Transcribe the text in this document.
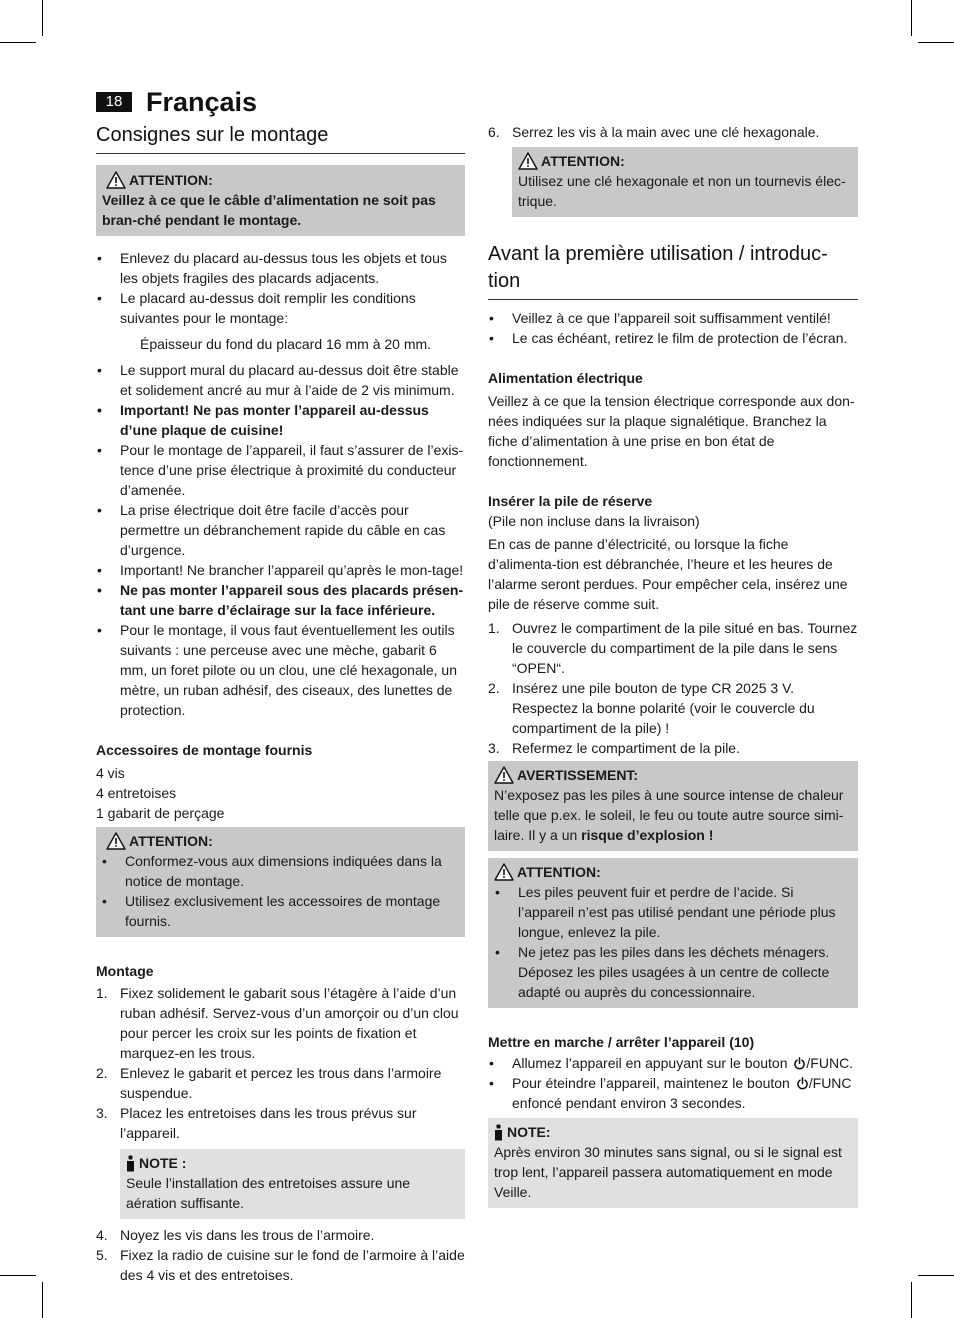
18 Français
Consignes sur le montage
ATTENTION:
Veillez à ce que le câble d’alimentation ne soit pas bran-ché pendant le montage.
• Enlevez du placard au-dessus tous les objets et tous les objets fragiles des placards adjacents.
• Le placard au-dessus doit remplir les conditions suivantes pour le montage:
Épaisseur du fond du placard 16 mm à 20 mm.
• Le support mural du placard au-dessus doit être stable et solidement ancré au mur à l’aide de 2 vis minimum.
• Important! Ne pas monter l’appareil au-dessus d’une plaque de cuisine!
• Pour le montage de l’appareil, il faut s’assurer de l’exis-tence d’une prise électrique à proximité du conducteur d’amenée.
• La prise électrique doit être facile d’accès pour permettre un débranchement rapide du câble en cas d’urgence.
• Important! Ne brancher l’appareil qu’après le mon-tage!
• Ne pas monter l’appareil sous des placards présen-tant une barre d’éclairage sur la face inférieure.
• Pour le montage, il vous faut éventuellement les outils suivants : une perceuse avec une mèche, gabarit 6 mm, un foret pilote ou un clou, une clé hexagonale, un mètre, un ruban adhésif, des ciseaux, des lunettes de protection.
Accessoires de montage fournis
4 vis
4 entretoises
1 gabarit de perçage
ATTENTION:
• Conformez-vous aux dimensions indiquées dans la notice de montage.
• Utilisez exclusivement les accessoires de montage fournis.
Montage
1. Fixez solidement le gabarit sous l’étagère à l’aide d’un ruban adhésif. Servez-vous d’un amorçoir ou d’un clou pour percer les croix sur les points de fixation et marquez-en les trous.
2. Enlevez le gabarit et percez les trous dans l’armoire suspendue.
3. Placez les entretoises dans les trous prévus sur l’appareil.
NOTE :
Seule l’installation des entretoises assure une aération suffisante.
4. Noyez les vis dans les trous de l’armoire.
5. Fixez la radio de cuisine sur le fond de l’armoire à l’aide des 4 vis et des entretoises.
6. Serrez les vis à la main avec une clé hexagonale.
ATTENTION:
Utilisez une clé hexagonale et non un tournevis élec-trique.
Avant la première utilisation / introduc-tion
• Veillez à ce que l’appareil soit suffisamment ventilé!
• Le cas échéant, retirez le film de protection de l’écran.
Alimentation électrique
Veillez à ce que la tension électrique corresponde aux don-nées indiquées sur la plaque signalétique. Branchez la fiche d’alimentation à une prise en bon état de fonctionnement.
Insérer la pile de réserve
(Pile non incluse dans la livraison)
En cas de panne d’électricité, ou lorsque la fiche d’alimenta-tion est débranchée, l’heure et les heures de l’alarme seront perdues. Pour empêcher cela, insérez une pile de réserve comme suit.
1. Ouvrez le compartiment de la pile situé en bas. Tournez le couvercle du compartiment de la pile dans le sens “OPEN“.
2. Insérez une pile bouton de type CR 2025 3 V. Respectez la bonne polarité (voir le couvercle du compartiment de la pile) !
3. Refermez le compartiment de la pile.
AVERTISSEMENT:
N’exposez pas les piles à une source intense de chaleur telle que p.ex. le soleil, le feu ou toute autre source simi-laire. Il y a un risque d’explosion !
ATTENTION:
• Les piles peuvent fuir et perdre de l’acide. Si l’appareil n’est pas utilisé pendant une période plus longue, enlevez la pile.
• Ne jetez pas les piles dans les déchets ménagers. Déposez les piles usagées à un centre de collecte adapté ou auprès du concessionnaire.
Mettre en marche / arrêter l’appareil (10)
• Allumez l’appareil en appuyant sur le bouton
/FUNC.
• Pour éteindre l’appareil, maintenez le bouton
/FUNC enfoncé pendant environ 3 secondes.
NOTE:
Après environ 30 minutes sans signal, ou si le signal est trop lent, l’appareil passera automatiquement en mode Veille.
